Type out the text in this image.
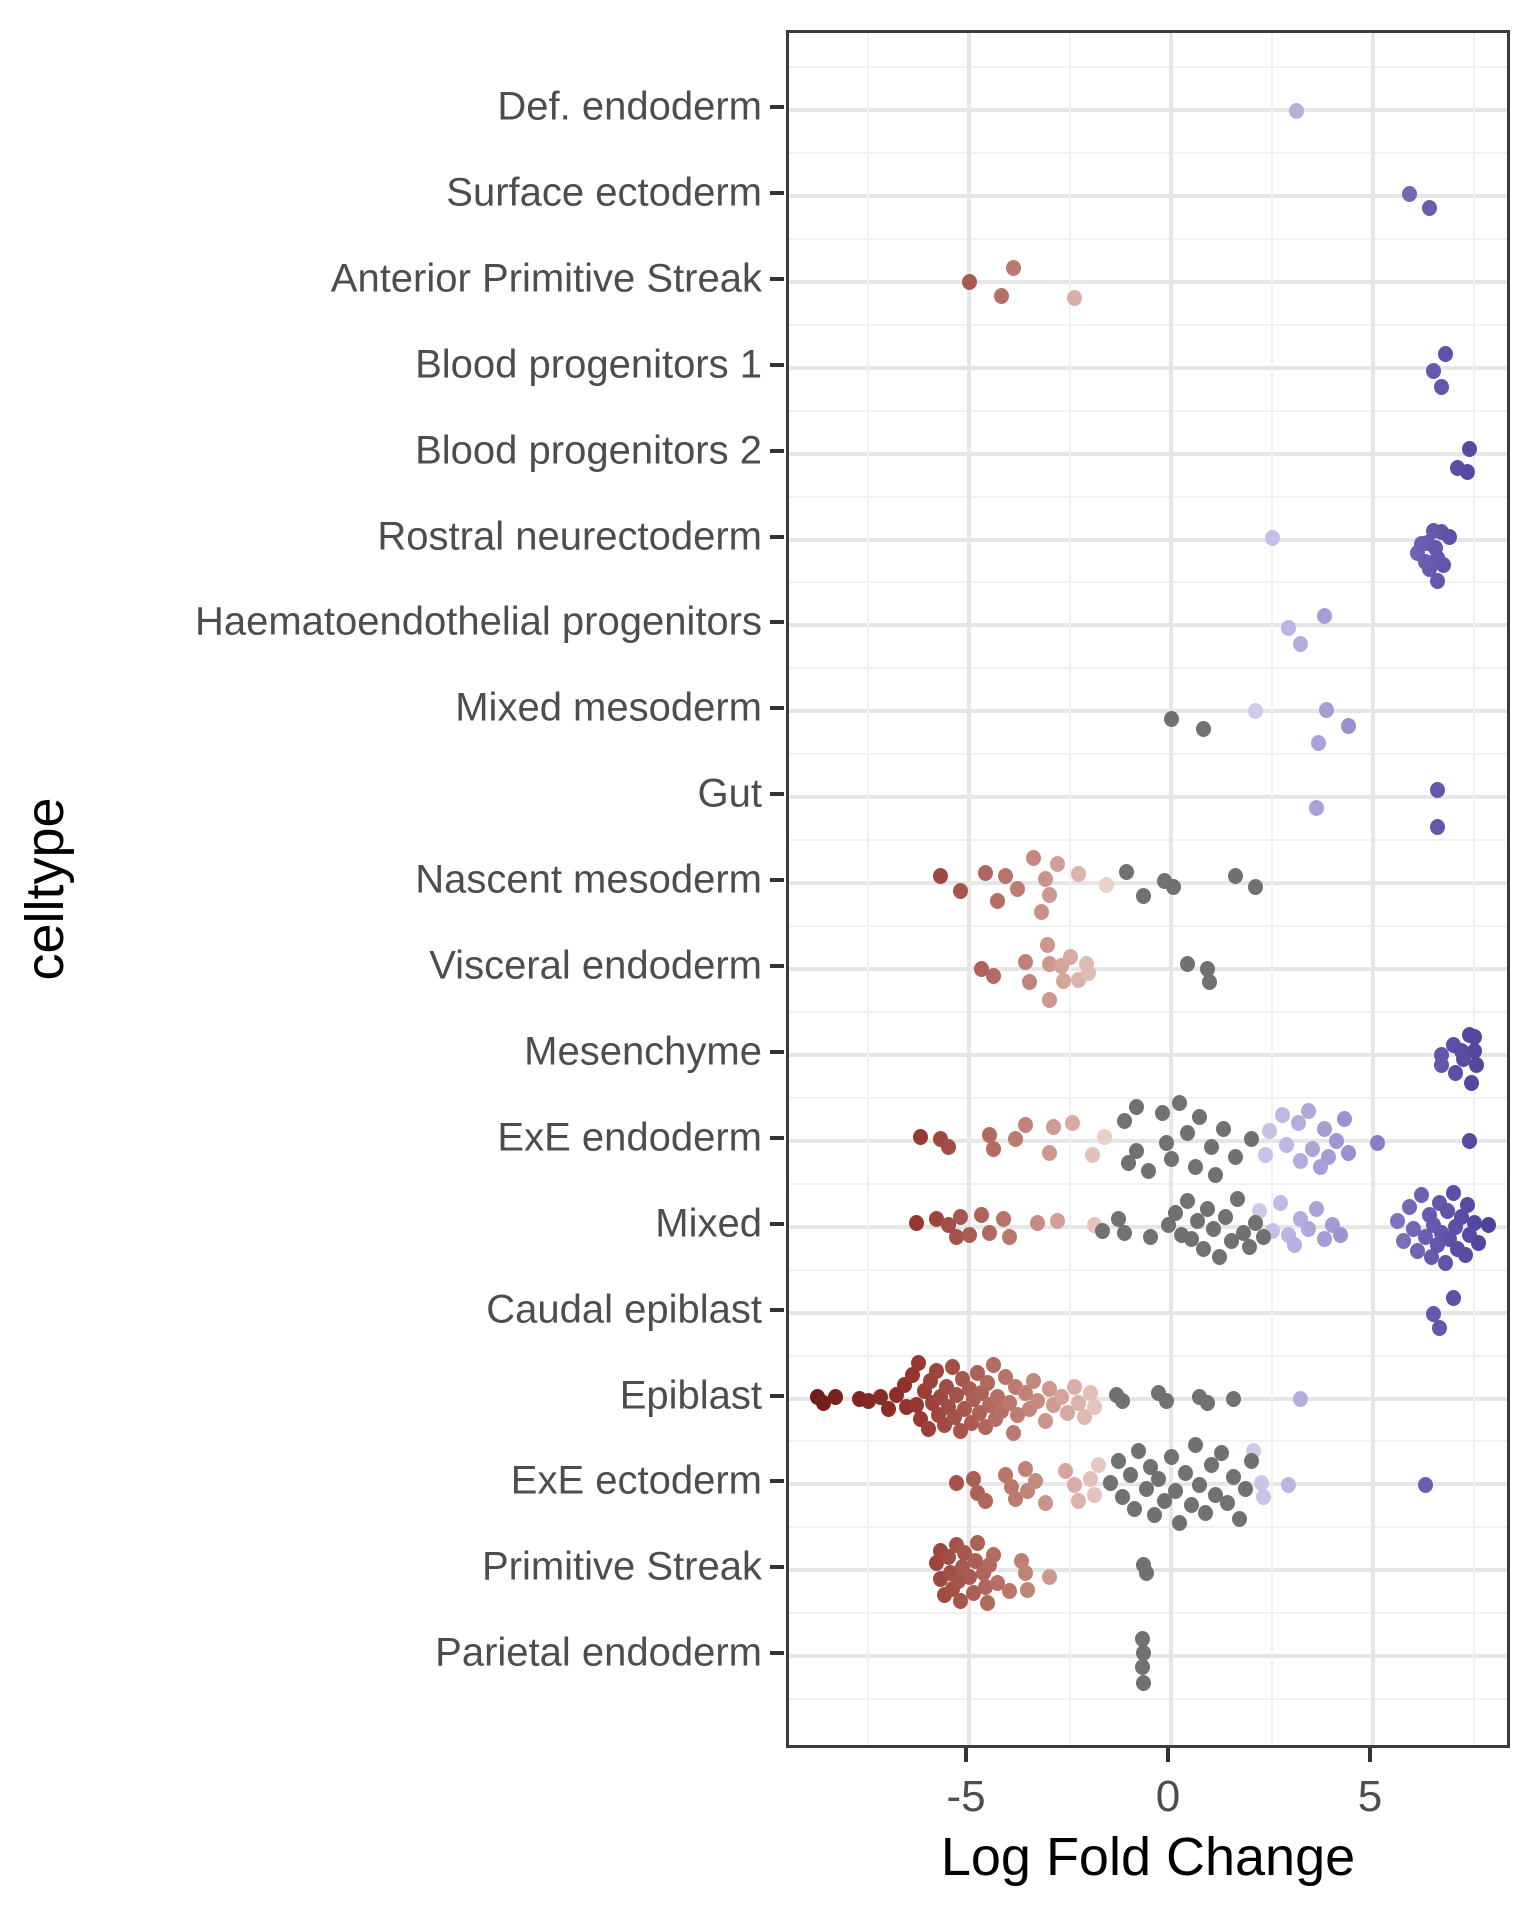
celltype
Def. endoderm
Surface ectoderm
Anterior Primitive Streak
Blood progenitors 1
Blood progenitors 2
Rostral neurectoderm
Haematoendothelial progenitors
Mixed mesoderm
Gut
Nascent mesoderm
Visceral endoderm
Mesenchyme
ExE endoderm
Mixed
Caudal epiblast
Epiblast
ExE ectoderm
Primitive Streak
Parietal endoderm
-5	0	5
Log Fold Change
